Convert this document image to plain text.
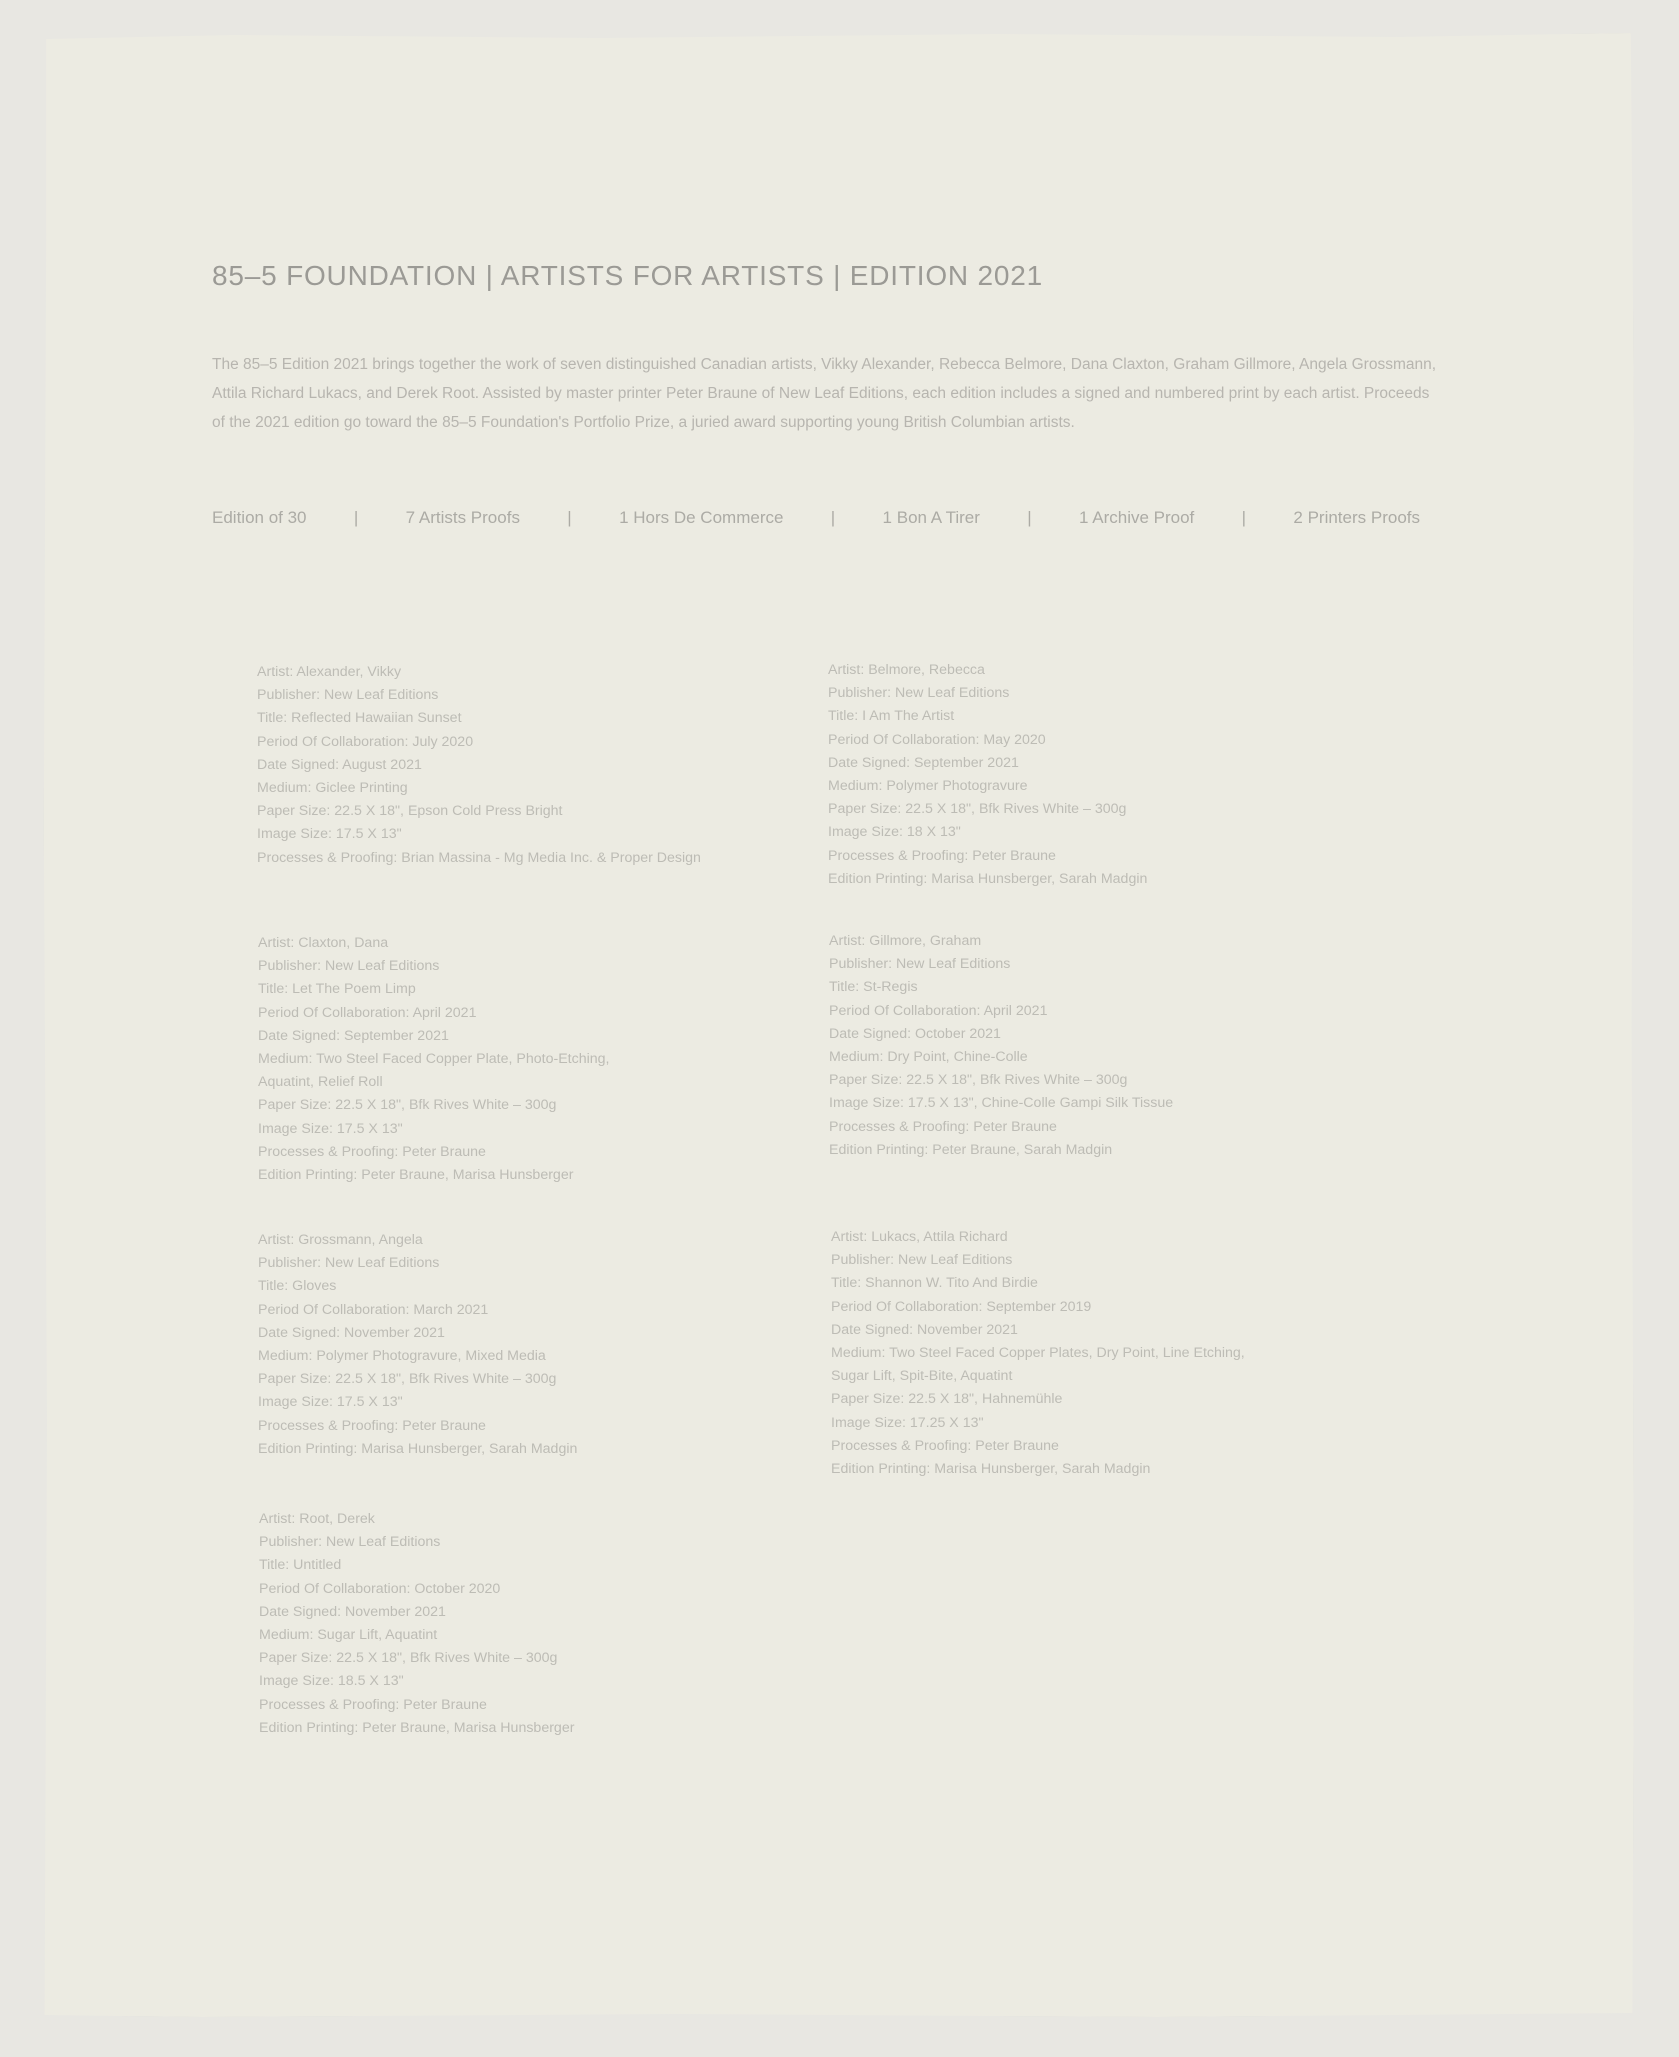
85–5 FOUNDATION | ARTISTS FOR ARTISTS | EDITION 2021

The 85–5 Edition 2021 brings together the work of seven distinguished Canadian artists, Vikky Alexander, Rebecca Belmore, Dana Claxton, Graham Gillmore, Angela Grossmann, Attila Richard Lukacs, and Derek Root. Assisted by master printer Peter Braune of New Leaf Editions, each edition includes a signed and numbered print by each artist. Proceeds of the 2021 edition go toward the 85–5 Foundation's Portfolio Prize, a juried award supporting young British Columbian artists.

Edition of 30	|	7 Artists Proofs	|	1 Hors De Commerce	|	1 Bon A Tirer	|	1 Archive Proof	|	2 Printers Proofs
Artist: Alexander, Vikky
Publisher: New Leaf Editions
Title: Reflected Hawaiian Sunset
Period Of Collaboration: July 2020
Date Signed: August 2021
Medium: Giclee Printing
Paper Size: 22.5 X 18", Epson Cold Press Bright
Image Size: 17.5 X 13"
Processes & Proofing: Brian Massina - Mg Media Inc. & Proper Design
Artist: Belmore, Rebecca
Publisher: New Leaf Editions
Title: I Am The Artist
Period Of Collaboration: May 2020
Date Signed: September 2021
Medium: Polymer Photogravure
Paper Size: 22.5 X 18", Bfk Rives White – 300g
Image Size: 18 X 13"
Processes & Proofing: Peter Braune
Edition Printing: Marisa Hunsberger, Sarah Madgin
Artist: Claxton, Dana
Publisher: New Leaf Editions
Title: Let The Poem Limp
Period Of Collaboration: April 2021
Date Signed: September 2021
Medium: Two Steel Faced Copper Plate, Photo-Etching,
Aquatint, Relief Roll
Paper Size: 22.5 X 18", Bfk Rives White – 300g
Image Size: 17.5 X 13"
Processes & Proofing: Peter Braune
Edition Printing: Peter Braune, Marisa Hunsberger
Artist: Gillmore, Graham
Publisher: New Leaf Editions
Title: St-Regis
Period Of Collaboration: April 2021
Date Signed: October 2021
Medium: Dry Point, Chine-Colle
Paper Size: 22.5 X 18", Bfk Rives White – 300g
Image Size: 17.5 X 13", Chine-Colle Gampi Silk Tissue
Processes & Proofing: Peter Braune
Edition Printing: Peter Braune, Sarah Madgin
Artist: Grossmann, Angela
Publisher: New Leaf Editions
Title: Gloves
Period Of Collaboration: March 2021
Date Signed: November 2021
Medium: Polymer Photogravure, Mixed Media
Paper Size: 22.5 X 18", Bfk Rives White – 300g
Image Size: 17.5 X 13"
Processes & Proofing: Peter Braune
Edition Printing: Marisa Hunsberger, Sarah Madgin
Artist: Lukacs, Attila Richard
Publisher: New Leaf Editions
Title: Shannon W. Tito And Birdie
Period Of Collaboration: September 2019
Date Signed: November 2021
Medium: Two Steel Faced Copper Plates, Dry Point, Line Etching,
Sugar Lift, Spit-Bite, Aquatint
Paper Size: 22.5 X 18", Hahnemühle
Image Size: 17.25 X 13"
Processes & Proofing: Peter Braune
Edition Printing: Marisa Hunsberger, Sarah Madgin
Artist: Root, Derek
Publisher: New Leaf Editions
Title: Untitled
Period Of Collaboration: October 2020
Date Signed: November 2021
Medium: Sugar Lift, Aquatint
Paper Size: 22.5 X 18", Bfk Rives White – 300g
Image Size: 18.5 X 13"
Processes & Proofing: Peter Braune
Edition Printing: Peter Braune, Marisa Hunsberger
